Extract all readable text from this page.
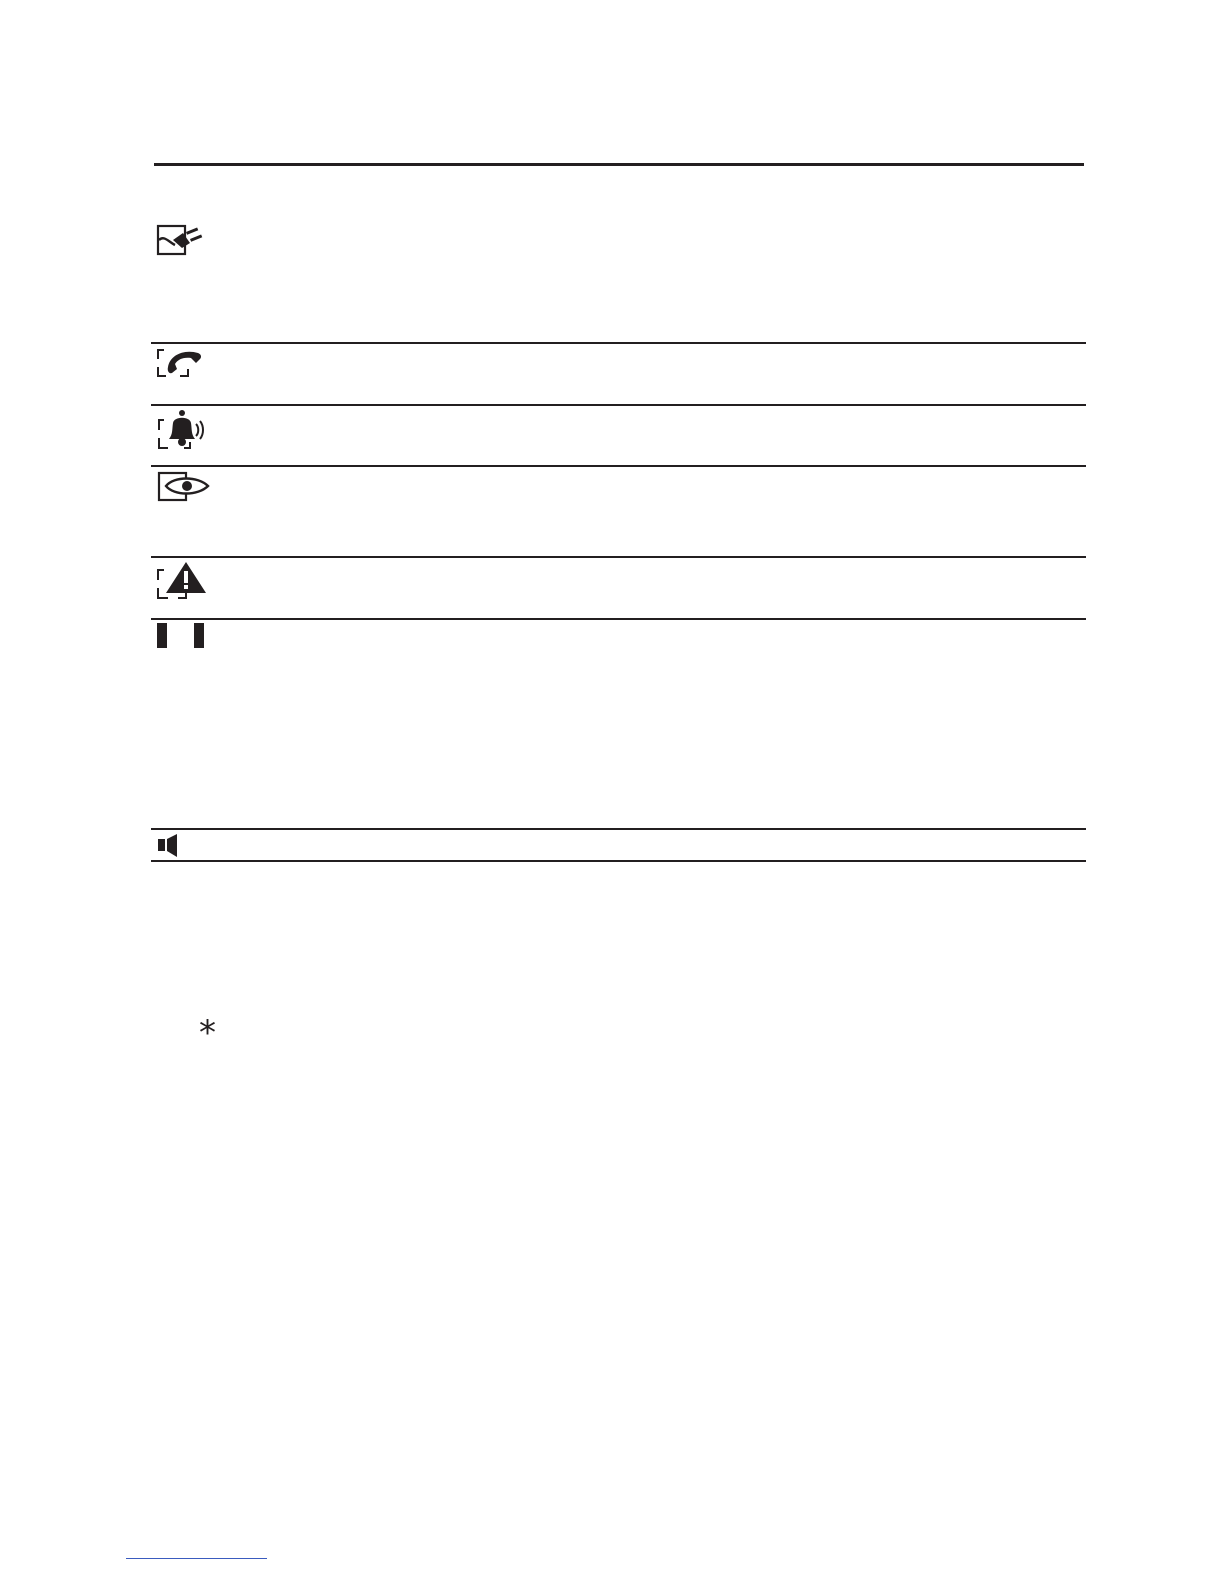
*
